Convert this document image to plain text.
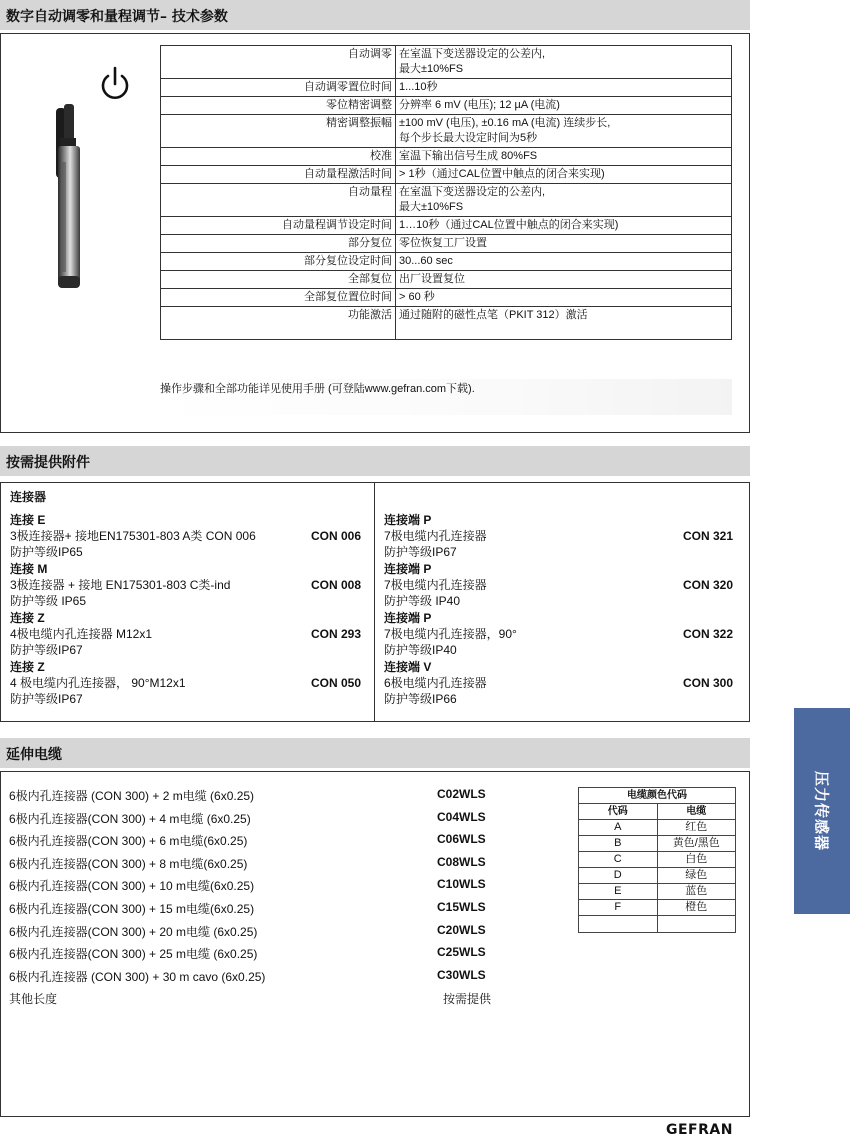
数字自动调零和量程调节– 技术参数
自动调零	在室温下变送器设定的公差内,
最大±10%FS

自动调零置位时间	1...10秒

零位精密调整	分辨率 6 mV (电压); 12 µA (电流)

精密调整振幅	±100 mV (电压), ±0.16 mA (电流) 连续步长,
每个步长最大设定时间为5秒

校准	室温下输出信号生成 80%FS

自动量程激活时间	> 1秒（通过CAL位置中触点的闭合来实现)

自动量程	在室温下变送器设定的公差内,
最大±10%FS

自动量程调节设定时间	1…10秒（通过CAL位置中触点的闭合来实现)

部分复位	零位恢复工厂设置

部分复位设定时间	30...60 sec

全部复位	出厂设置复位

全部复位置位时间	> 60 秒

功能激活	通过随附的磁性点笔（PKIT 312）激活
操作步骤和全部功能详见使用手册 (可登陆www.gefran.com下载).
按需提供附件
连接器
连接 E
3极连接器+ 接地EN175301-803 A类 CON 006
防护等级IP65
CON 006
连接 M
3极连接器 + 接地 EN175301-803 C类-ind
防护等级 IP65
CON 008
连接 Z
4极电缆内孔连接器 M12x1
防护等级IP67
CON 293
连接 Z
4 极电缆内孔连接器， 90°M12x1
防护等级IP67
CON 050
连接端 P
7极电缆内孔连接器
防护等级IP67
CON 321
连接端 P
7极电缆内孔连接器
防护等级 IP40
CON 320
连接端 P
7极电缆内孔连接器，90°
防护等级IP40
CON 322
连接端 V
6极电缆内孔连接器
防护等级IP66
CON 300
延伸电缆
6极内孔连接器 (CON 300) + 2 m电缆 (6x0.25)	C02WLS
6极内孔连接器(CON 300) + 4 m电缆 (6x0.25)	C04WLS
6极内孔连接器(CON 300) + 6 m电缆(6x0.25)	C06WLS
6极内孔连接器(CON 300) + 8 m电缆(6x0.25)	C08WLS
6极内孔连接器(CON 300) + 10 m电缆(6x0.25)	C10WLS
6极内孔连接器(CON 300) + 15 m电缆(6x0.25)	C15WLS
6极内孔连接器(CON 300) + 20 m电缆 (6x0.25)	C20WLS
6极内孔连接器(CON 300) + 25 m电缆 (6x0.25)	C25WLS
6极内孔连接器 (CON 300) + 30 m cavo (6x0.25)	C30WLS
其他长度	按需提供
电缆颜色代码	
代码	电缆
A	红色
B	黄色/黑色
C	白色
D	绿色
E	蓝色
F	橙色

压力传感器
GEFRAN
